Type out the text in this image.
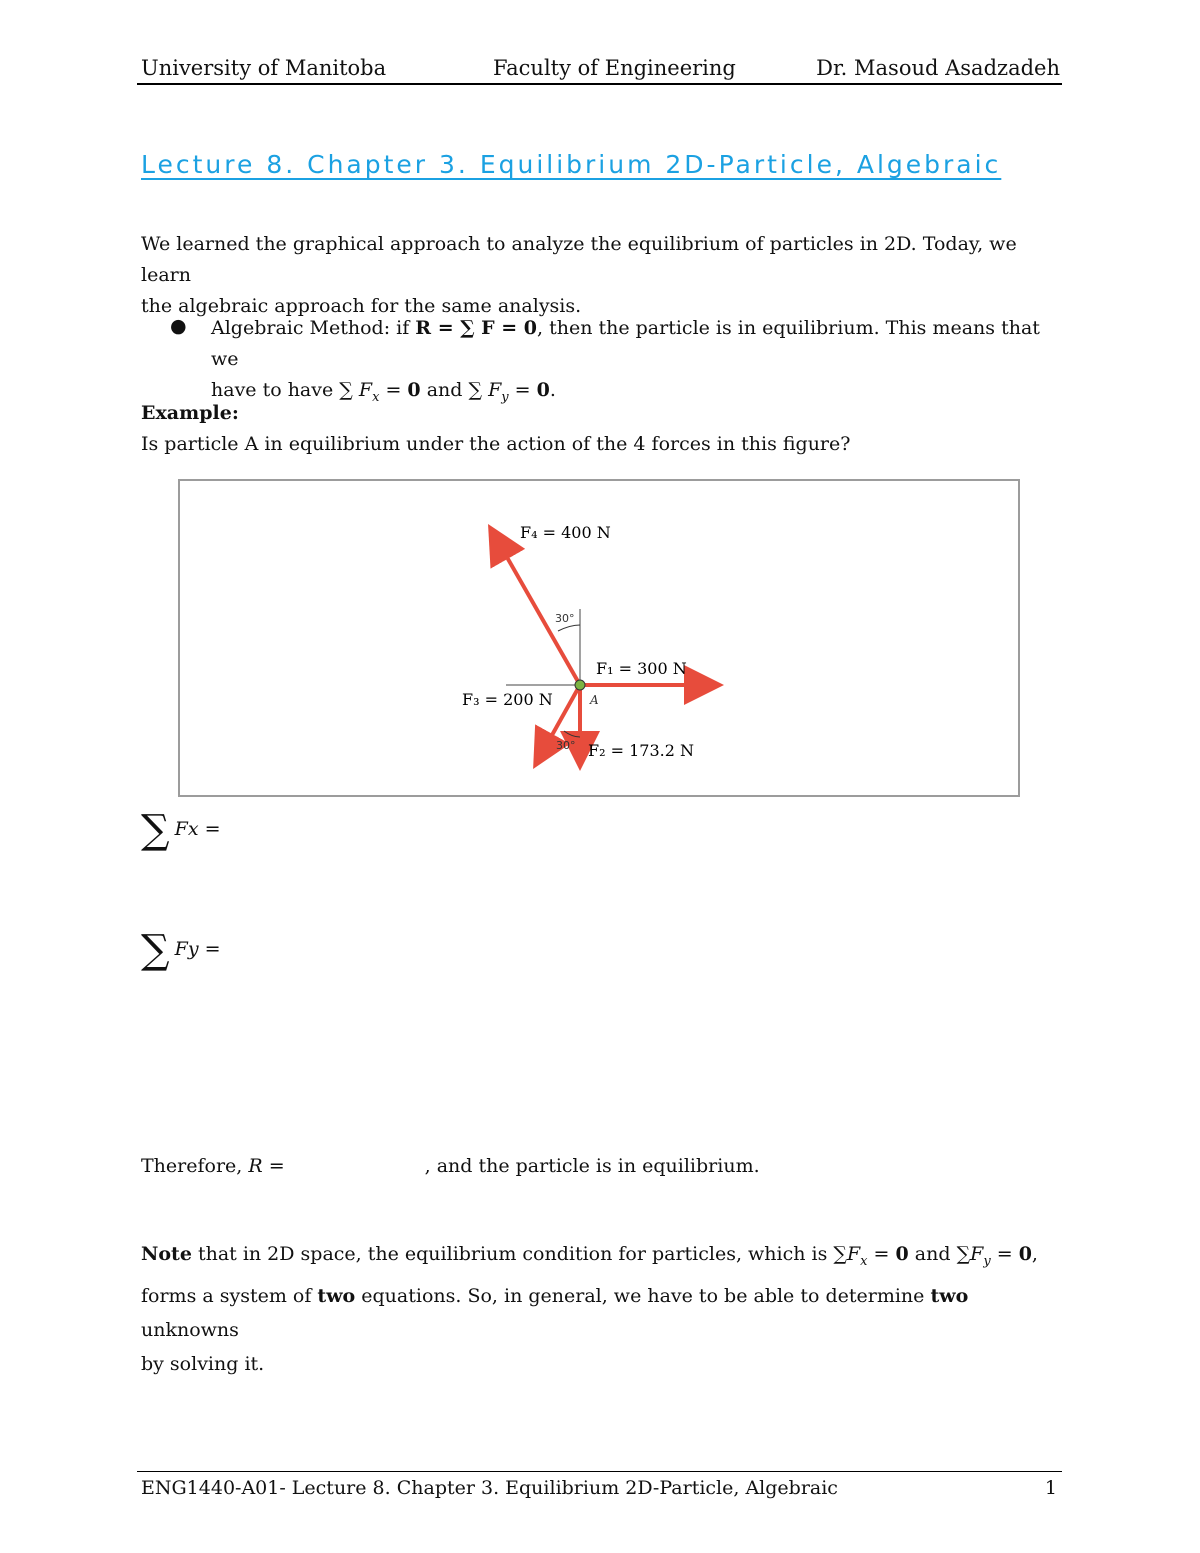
University of Manitoba	Faculty of Engineering	Dr. Masoud Asadzadeh
Lecture 8. Chapter 3. Equilibrium 2D-Particle, Algebraic
We learned the graphical approach to analyze the equilibrium of particles in 2D. Today, we learn
the algebraic approach for the same analysis.
● Algebraic Method: if R = ∑ F = 0, then the particle is in equilibrium. This means that we
have to have ∑ $F_x = 0$ and ∑ $F_y = 0$.
Example:
Is particle A in equilibrium under the action of the 4 forces in this figure?
F₄ = 400 N
F₁ = 300 N
F₃ = 200 N
F₂ = 173.2 N
30°
30°
A
∑ Fx =
∑ Fy =
Therefore, R =	, and the particle is in equilibrium.
Note that in 2D space, the equilibrium condition for particles, which is $\sum F_x = 0$ and $\sum F_y = 0$,
forms a system of two equations. So, in general, we have to be able to determine two unknowns
by solving it.
ENG1440-A01- Lecture 8. Chapter 3. Equilibrium 2D-Particle, Algebraic	1
